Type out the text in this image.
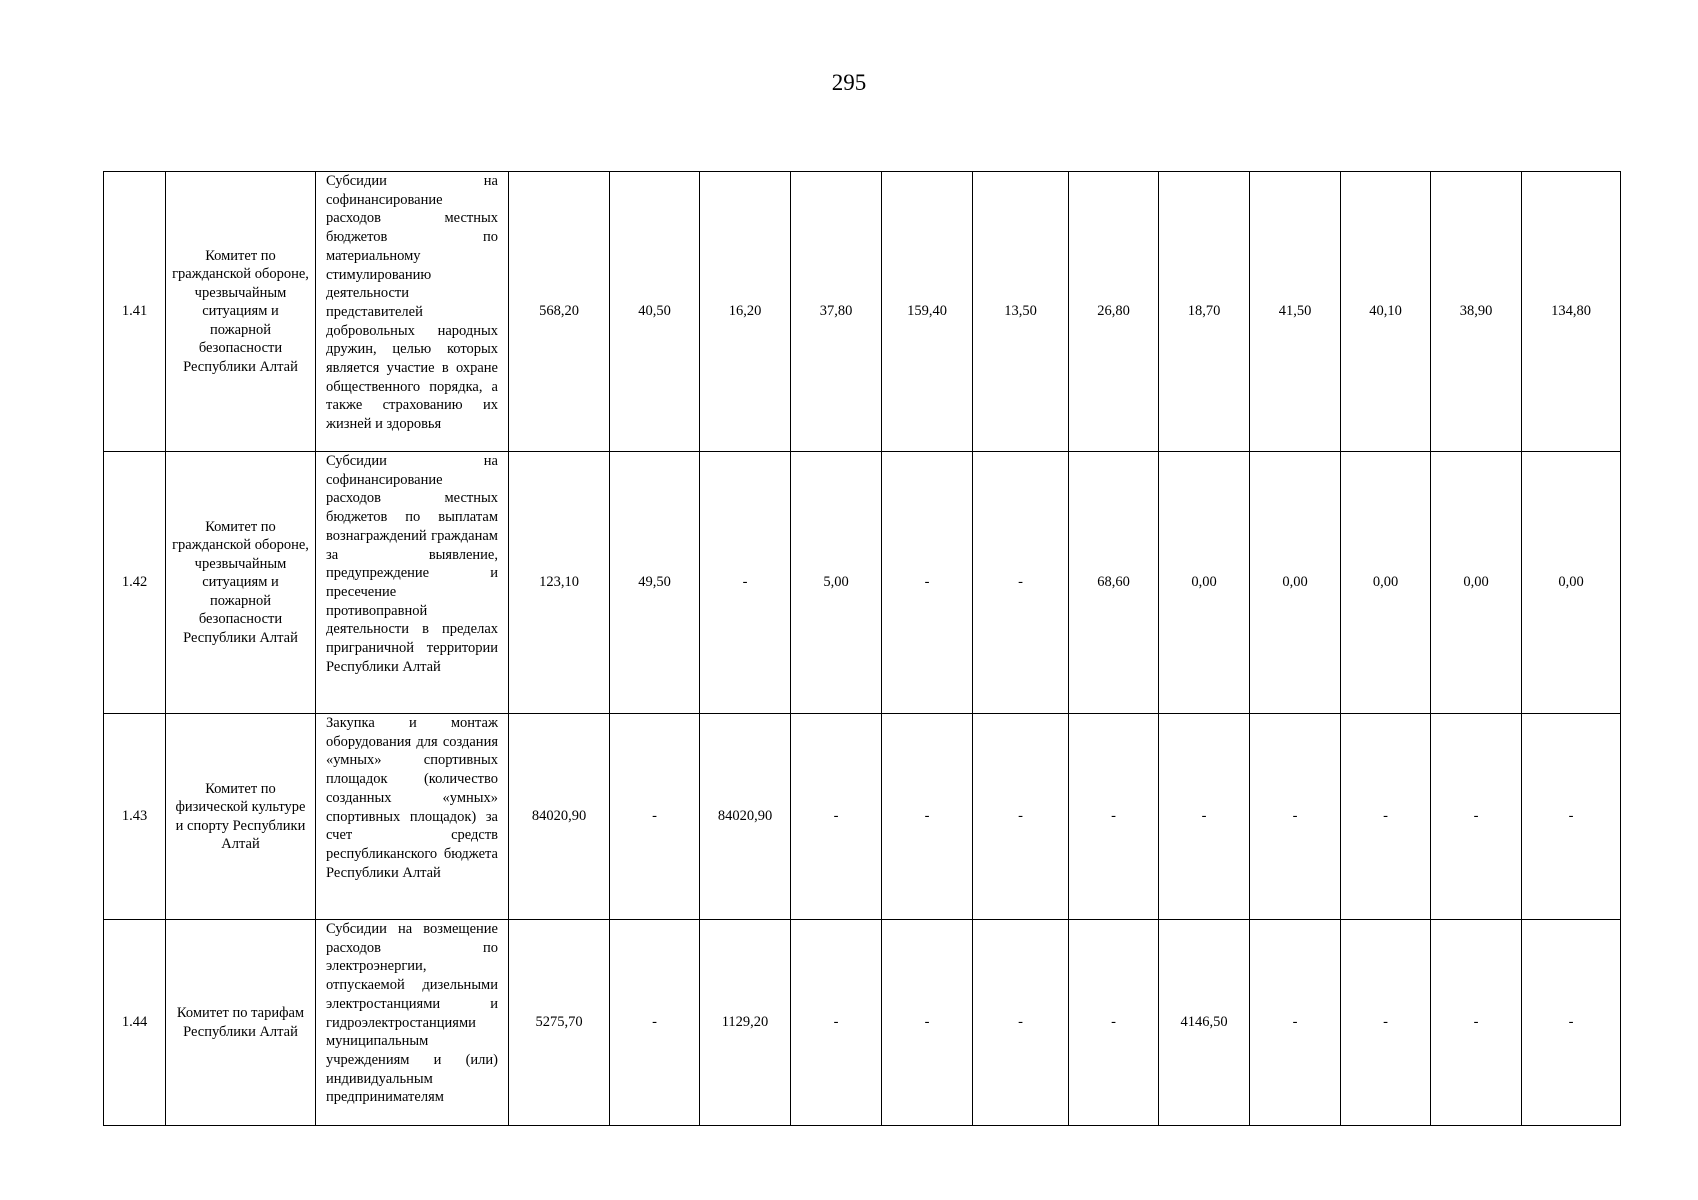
295
1.41	Комитет по гражданской обороне, чрезвычайным ситуациям и пожарной безопасности Республики Алтай	Субсидии на софинансирование расходов местных бюджетов по материальному стимулированию деятельности представителей добровольных народных дружин, целью которых является участие в охране общественного порядка, а также страхованию их жизней и здоровья	568,20	40,50	16,20	37,80	159,40	13,50	26,80	18,70	41,50	40,10	38,90	134,80
1.42	Комитет по гражданской обороне, чрезвычайным ситуациям и пожарной безопасности Республики Алтай	Субсидии на софинансирование расходов местных бюджетов по выплатам вознаграждений гражданам за выявление, предупреждение и пресечение противоправной деятельности в пределах приграничной территории Республики Алтай	123,10	49,50	-	5,00	-	-	68,60	0,00	0,00	0,00	0,00	0,00
1.43	Комитет по физической культуре и спорту Республики Алтай	Закупка и монтаж оборудования для создания «умных» спортивных площадок (количество созданных «умных» спортивных площадок) за счет средств республиканского бюджета Республики Алтай	84020,90	-	84020,90	-	-	-	-	-	-	-	-	-
1.44	Комитет по тарифам Республики Алтай	Субсидии на возмещение расходов по электроэнергии, отпускаемой дизельными электростанциями и гидроэлектростанциями муниципальным учреждениям и (или) индивидуальным предпринимателям	5275,70	-	1129,20	-	-	-	-	4146,50	-	-	-	-
